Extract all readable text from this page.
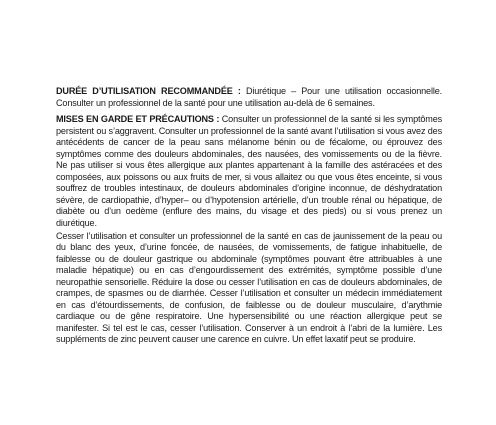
DURÉE D’UTILISATION RECOMMANDÉE : Diurétique – Pour une utilisation occasionnelle. Consulter un professionnel de la santé pour une utilisation au-delà de 6 semaines.

MISES EN GARDE ET PRÉCAUTIONS : Consulter un professionnel de la santé si les symptômes persistent ou s’aggravent. Consulter un professionnel de la santé avant l’utilisation si vous avez des antécédents de cancer de la peau sans mélanome bénin ou de fécalome, ou éprouvez des symptômes comme des douleurs abdominales, des nausées, des vomissements ou de la fièvre. Ne pas utiliser si vous êtes allergique aux plantes appartenant à la famille des astéracées et des composées, aux poissons ou aux fruits de mer, si vous allaitez ou que vous êtes enceinte, si vous souffrez de troubles intestinaux, de douleurs abdominales d’origine inconnue, de déshydratation sévère, de cardiopathie, d’hyper– ou d’hypotension artérielle, d’un trouble rénal ou hépatique, de diabète ou d’un oedème (enflure des mains, du visage et des pieds) ou si vous prenez un diurétique.

Cesser l’utilisation et consulter un professionnel de la santé en cas de jaunissement de la peau ou du blanc des yeux, d’urine foncée, de nausées, de vomissements, de fatigue inhabituelle, de faiblesse ou de douleur gastrique ou abdominale (symptômes pouvant être attribuables à une maladie hépatique) ou en cas d’engourdissement des extrémités, symptôme possible d’une neuropathie sensorielle. Réduire la dose ou cesser l’utilisation en cas de douleurs abdominales, de crampes, de spasmes ou de diarrhée. Cesser l’utilisation et consulter un médecin immédiatement en cas d’étourdissements, de confusion, de faiblesse ou de douleur musculaire, d’arythmie cardiaque ou de gêne respiratoire. Une hypersensibilité ou une réaction allergique peut se manifester. Si tel est le cas, cesser l’utilisation. Conserver à un endroit à l’abri de la lumière. Les suppléments de zinc peuvent causer une carence en cuivre. Un effet laxatif peut se produire.
